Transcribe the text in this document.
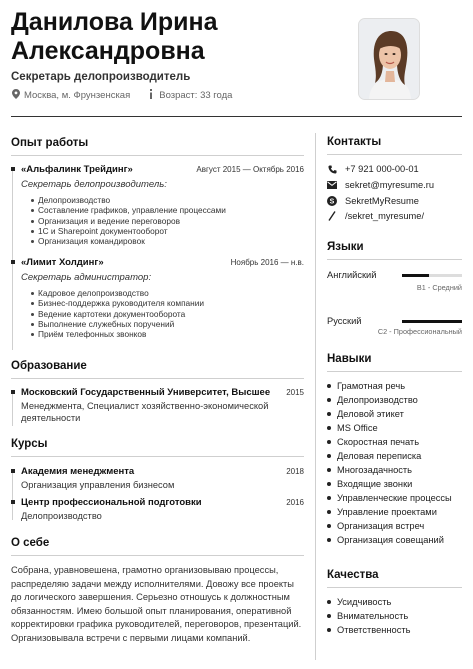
Данилова Ирина
Александровна
Секретарь делопроизводитель
Москва, м. Фрунзенская	Возраст: 33 года
Опыт работы
«Альфалинк Трейдинг»	Август 2015 — Октябрь 2016
Секретарь делопроизводитель:
Делопроизводство
Составление графиков, управление процессами
Организация и ведение переговоров
1С и Sharepoint документооборот
Организация командировок
«Лимит Холдинг»	Ноябрь 2016 — н.в.
Секретарь администратор:
Кадровое делопроизводство
Бизнес-поддержка руководителя компании
Ведение картотеки документооборота
Выполнение служебных поручений
Приём телефонных звонков
Образование
Московский Государственный Университет, Высшее	2015
Менеджмента, Специалист хозяйственно-экономической деятельности
Курсы
Академия менеджмента	2018
Организация управления бизнесом
Центр профессиональной подготовки	2016
Делопроизводство
О себе
Собрана, уравновешена, грамотно организовываю процессы, распределяю задачи между исполнителями. Довожу все проекты до логического завершения. Серьезно отношусь к должностным обязанностям. Имею большой опыт планирования, оперативной корректировки графика руководителей, переговоров, презентаций. Организовывала встречи с первыми лицами компаний.
Контакты
+7 921 000-00-01
sekret@myresume.ru
S SekretMyResume
/sekret_myresume/
Языки
Английский
B1 - Средний
Русский
C2 - Профессиональный
Навыки
Грамотная речь
Делопроизводство
Деловой этикет
MS Office
Скоростная печать
Деловая переписка
Многозадачность
Входящие звонки
Управленческие процессы
Управление проектами
Организация встреч
Организация совещаний
Качества
Усидчивость
Внимательность
Ответственность
